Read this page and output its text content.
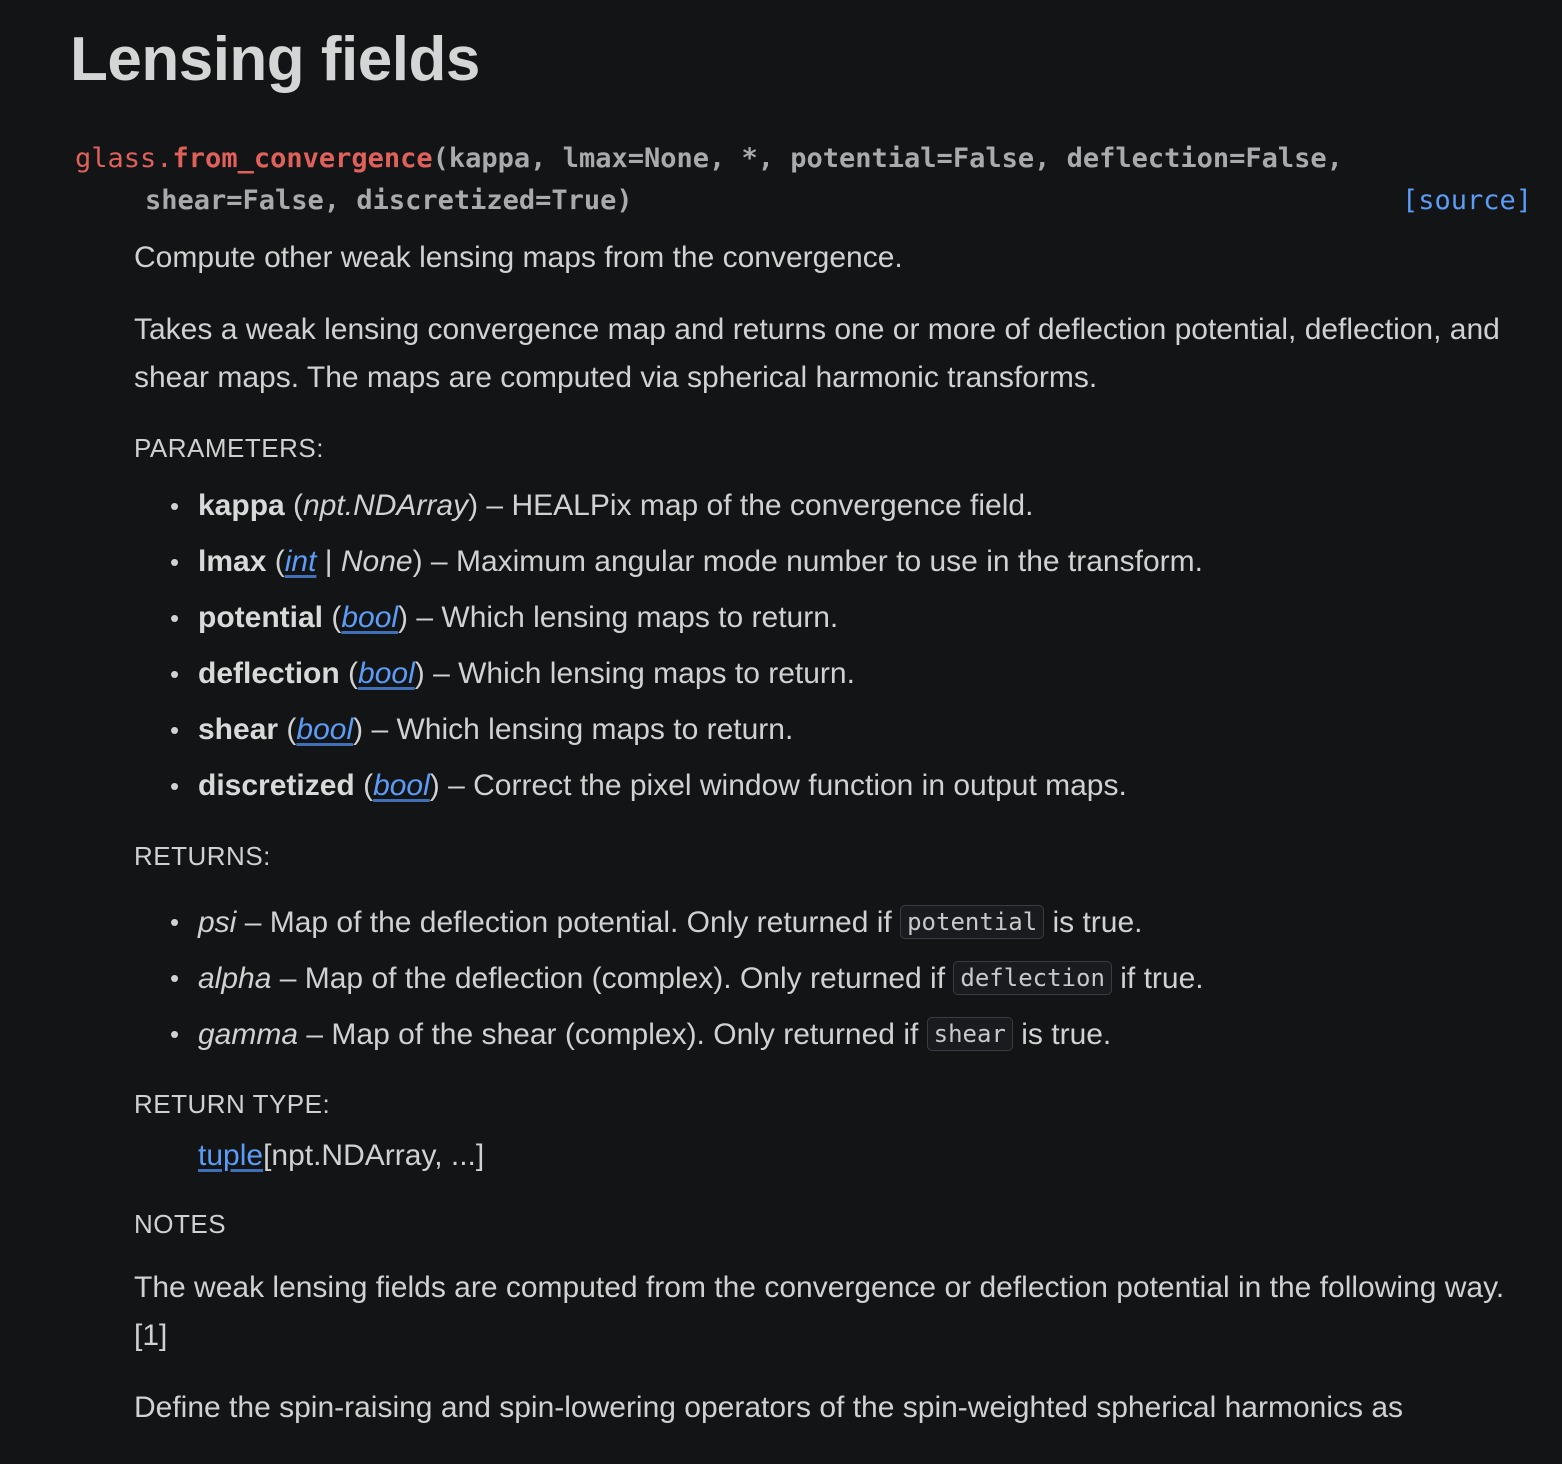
Lensing fields
glass.from_convergence(kappa, lmax=None, *, potential=False, deflection=False,
shear=False, discretized=True)	[source]

Compute other weak lensing maps from the convergence.

Takes a weak lensing convergence map and returns one or more of deflection potential, deflection, and shear maps. The maps are computed via spherical harmonic transforms.

PARAMETERS:

• kappa (npt.NDArray) – HEALPix map of the convergence field.
• lmax (int | None) – Maximum angular mode number to use in the transform.
• potential (bool) – Which lensing maps to return.
• deflection (bool) – Which lensing maps to return.
• shear (bool) – Which lensing maps to return.
• discretized (bool) – Correct the pixel window function in output maps.

RETURNS:

• psi – Map of the deflection potential. Only returned if potential is true.
• alpha – Map of the deflection (complex). Only returned if deflection if true.
• gamma – Map of the shear (complex). Only returned if shear is true.

RETURN TYPE:

tuple[npt.NDArray, ...]

NOTES

The weak lensing fields are computed from the convergence or deflection potential in the following way. [1]

Define the spin-raising and spin-lowering operators of the spin-weighted spherical harmonics as
